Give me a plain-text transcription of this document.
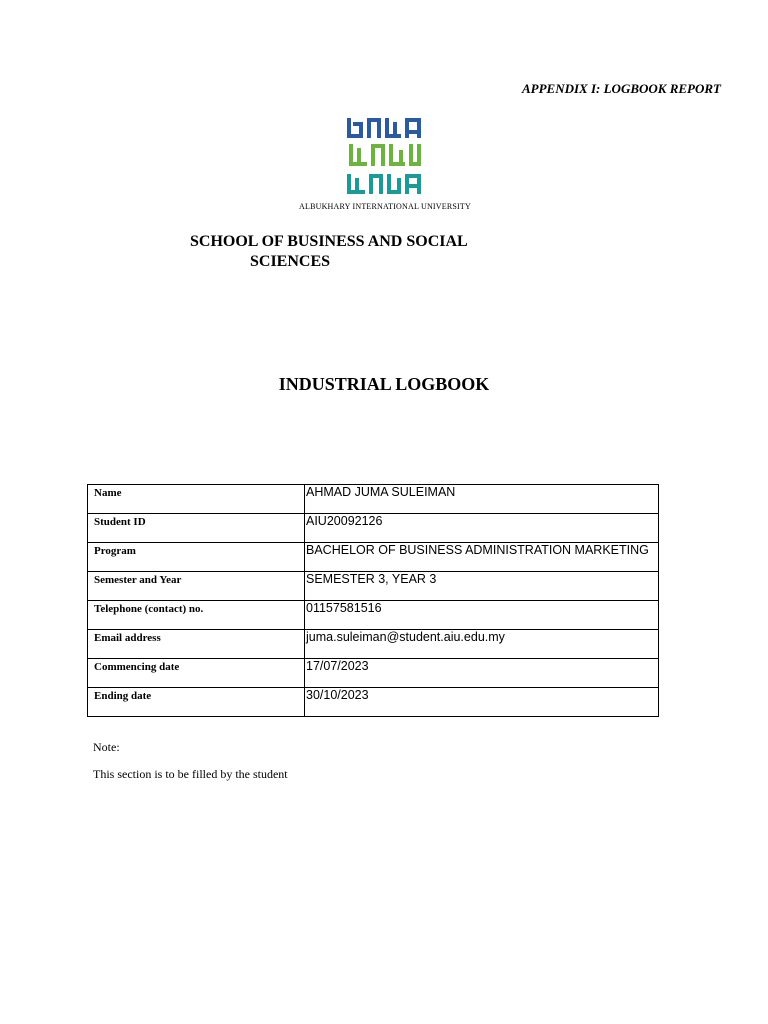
APPENDIX I: LOGBOOK REPORT
ALBUKHARY INTERNATIONAL UNIVERSITY
SCHOOL OF BUSINESS AND SOCIAL
SCIENCES
INDUSTRIAL LOGBOOK
Name	AHMAD JUMA SULEIMAN
Student ID	AIU20092126
Program	BACHELOR OF BUSINESS ADMINISTRATION MARKETING
Semester and Year	SEMESTER 3, YEAR 3
Telephone (contact) no.	01157581516
Email address	juma.suleiman@student.aiu.edu.my
Commencing date	17/07/2023
Ending date	30/10/2023
Note:
This section is to be filled by the student
